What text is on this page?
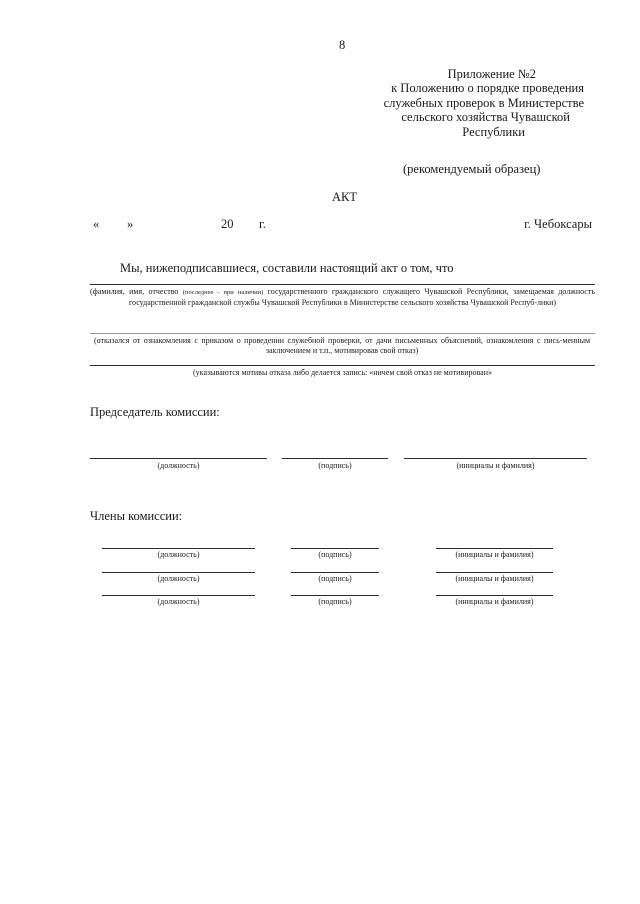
8
Приложение №2
к Положению о порядке проведения
служебных проверок в Министерстве
сельского хозяйства Чувашской
Республики
(рекомендуемый образец)
АКТ
« »	20 г.	г. Чебоксары
Мы, нижеподписавшиеся, составили настоящий акт о том, что
(фамилия, имя, отчество (последнее - при наличии) государственного гражданского служащего Чувашской Республики, замещаемая должность государственной гражданской службы Чувашской Республики в Министерстве сельского хозяйства Чувашской Респуб-лики)
(отказался от ознакомления с приказом о проведении служебной проверки, от дачи письменных объяснений, ознакомления с пись-менным заключением и т.п., мотивировав свой отказ)
(указываются мотивы отказа либо делается запись: «ничем свой отказ не мотивирован»
Председатель комиссии:
(должность)	(подпись)	(инициалы и фамилия)
Члены комиссии:
(должность)	(подпись)	(инициалы и фамилия)
(должность)	(подпись)	(инициалы и фамилия)
(должность)	(подпись)	(инициалы и фамилия)
